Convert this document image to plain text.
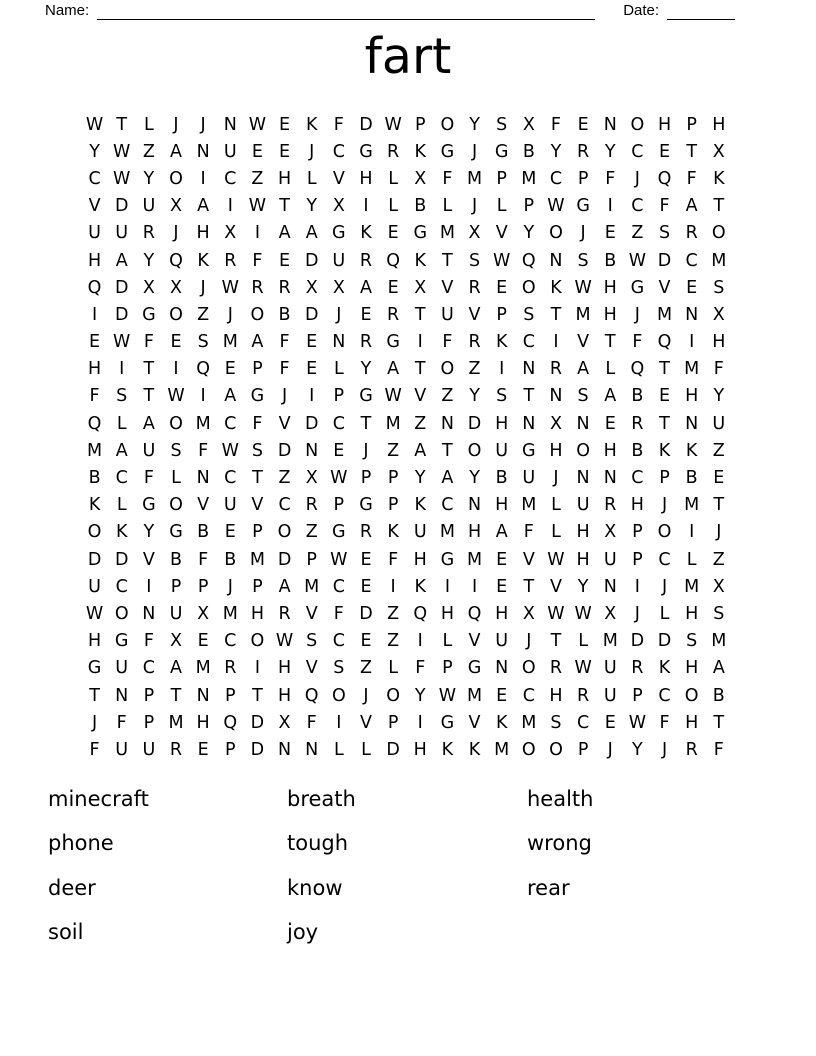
Name:	Date:
fart
W T L	J	J	N W E K F D W P O Y S X F E N O H P H
Y W Z A N U E E	J	C G R K G	J	G B Y R Y C E T X
C W Y O	I	C Z H L V H L X F M P M C P F	J	Q F K
V D U X A	I W T Y X	I	L B L	J	L P W G	I	C F A T
U U R	J	H X	I	A A G K E G M X V Y O	J	E Z S R O
H A Y Q K R F E D U R Q K T S W Q N S B W D C M
Q D X X	J W R R X X A E X V R E O K W H G V E S
I	D G O Z	J	O B D	J	E R T U V P S T M H	J M N X
E W F E S M A F E N R G	I	F R K C	I	V T F Q	I	H
H	I	T	I	Q E P F E L Y A T O Z	I	N R A L Q T M F
F S T W I	A G	J	I	P G W V Z Y S T N S A B E H Y
Q L A O M C F V D C T M Z N D H N X N E R T N U
M A U S F W S D N E	J	Z A T O U G H O H B K K Z
B C F L N C T Z X W P P Y A Y B U	J	N N C P B E
K L G O V U V C R P G P K C N H M L U R H	J M T
O K Y G B E P O Z G R K U M H A F L H X P O	I	J
D D V B F B M D P W E F H G M E V W H U P C L Z
U C	I	P P	J	P A M C E	I	K	I	I	E T V Y N	I	J M X
W O N U X M H R V F D Z Q H Q H X W W X	J	L H S
H G F X E C O W S C E Z	I	L V U	J	T L M D D S M
G U C A M R	I	H V S Z L F P G N O R W U R K H A
T N P T N P T H Q O	J	O Y W M E C H R U P C O B
J	F P M H Q D X F	I	V P	I	G V K M S C E W F H T
F U U R E P D N N L L D H K K M O O P	J	Y	J	R F
minecraft
phone
deer
soil
breath
tough
know
joy
health
wrong
rear
